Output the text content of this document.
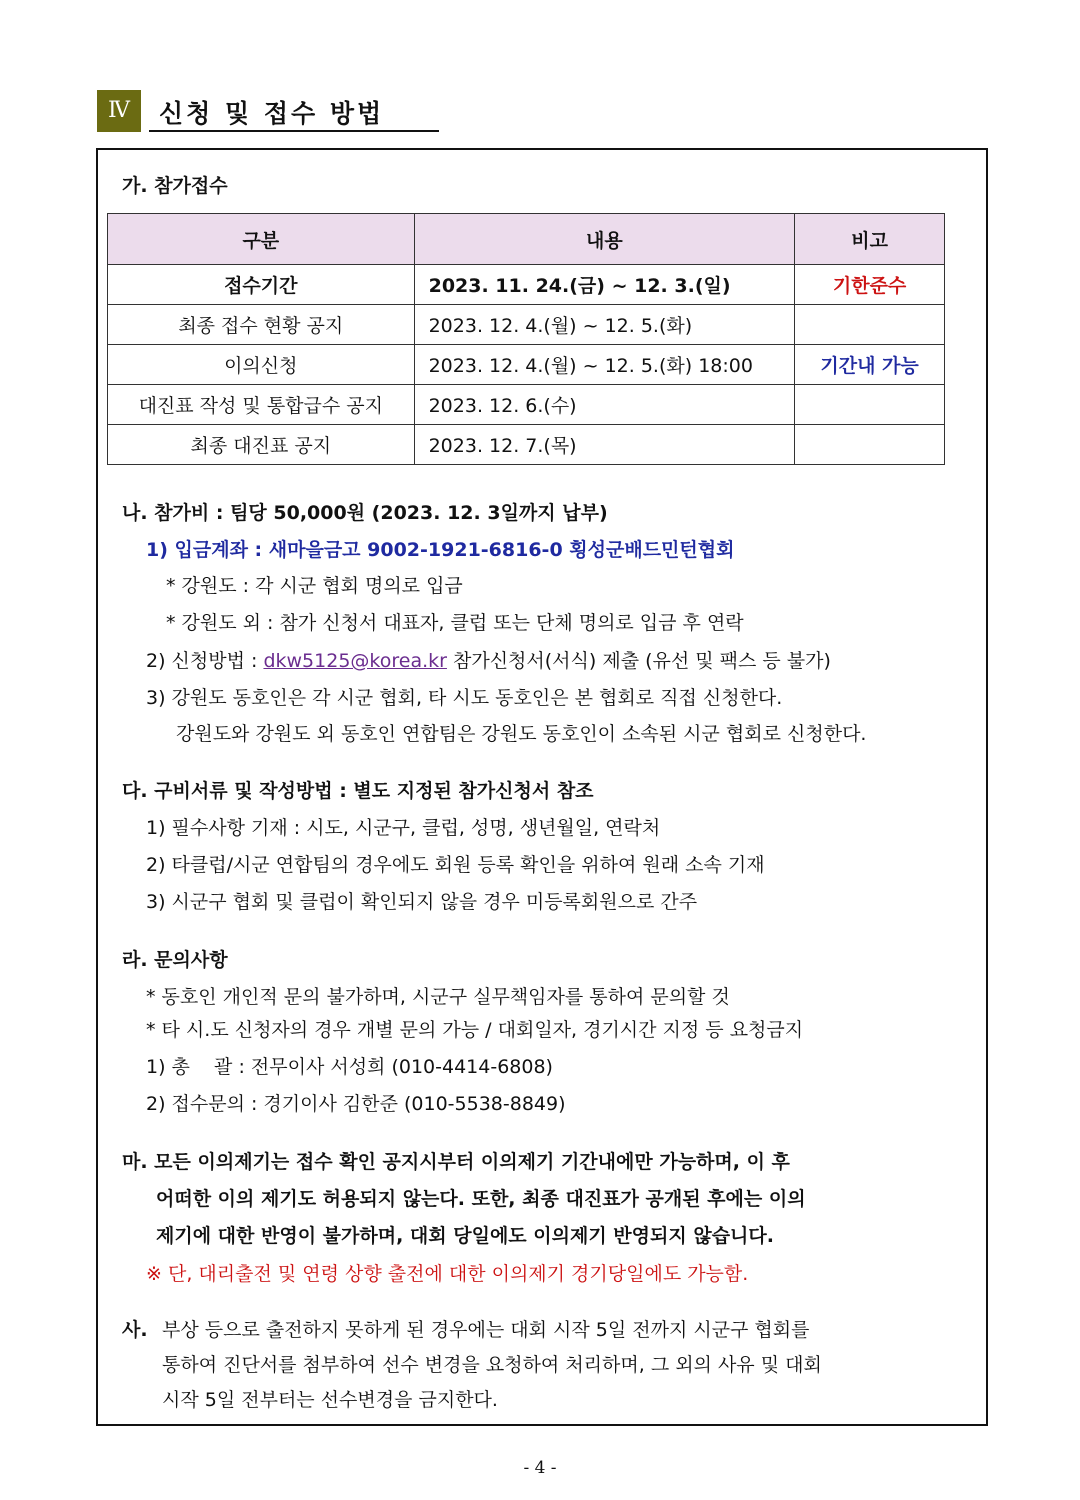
Ⅳ	신청 및 접수 방법
가. 참가접수
구분	내용	비고
접수기간	2023. 11. 24.(금) ~ 12. 3.(일)	기한준수
최종 접수 현황 공지	2023. 12. 4.(월) ~ 12. 5.(화)	
이의신청	2023. 12. 4.(월) ~ 12. 5.(화) 18:00	기간내 가능
대진표 작성 및 통합급수 공지	2023. 12. 6.(수)	
최종 대진표 공지	2023. 12. 7.(목)	
나. 참가비 : 팀당 50,000원 (2023. 12. 3일까지 납부)
1) 입금계좌 : 새마을금고 9002-1921-6816-0 횡성군배드민턴협회
* 강원도 : 각 시군 협회 명의로 입금
* 강원도 외 : 참가 신청서 대표자, 클럽 또는 단체 명의로 입금 후 연락
2) 신청방법 : dkw5125@korea.kr 참가신청서(서식) 제출 (유선 및 팩스 등 불가)
3) 강원도 동호인은 각 시군 협회, 타 시도 동호인은 본 협회로 직접 신청한다.
강원도와 강원도 외 동호인 연합팀은 강원도 동호인이 소속된 시군 협회로 신청한다.
다. 구비서류 및 작성방법 : 별도 지정된 참가신청서 참조
1) 필수사항 기재 : 시도, 시군구, 클럽, 성명, 생년월일, 연락처
2) 타클럽/시군 연합팀의 경우에도 회원 등록 확인을 위하여 원래 소속 기재
3) 시군구 협회 및 클럽이 확인되지 않을 경우 미등록회원으로 간주
라. 문의사항
* 동호인 개인적 문의 불가하며, 시군구 실무책임자를 통하여 문의할 것
* 타 시.도 신청자의 경우 개별 문의 가능 / 대회일자, 경기시간 지정 등 요청금지
1) 총    괄 : 전무이사 서성희 (010-4414-6808)
2) 접수문의 : 경기이사 김한준 (010-5538-8849)
마. 모든 이의제기는 접수 확인 공지시부터 이의제기 기간내에만 가능하며, 이 후
어떠한 이의 제기도 허용되지 않는다. 또한, 최종 대진표가 공개된 후에는 이의
제기에 대한 반영이 불가하며, 대회 당일에도 이의제기 반영되지 않습니다.
※ 단, 대리출전 및 연령 상향 출전에 대한 이의제기 경기당일에도 가능함.
사. 부상 등으로 출전하지 못하게 된 경우에는 대회 시작 5일 전까지 시군구 협회를
통하여 진단서를 첨부하여 선수 변경을 요청하여 처리하며, 그 외의 사유 및 대회
시작 5일 전부터는 선수변경을 금지한다.
- 4 -
